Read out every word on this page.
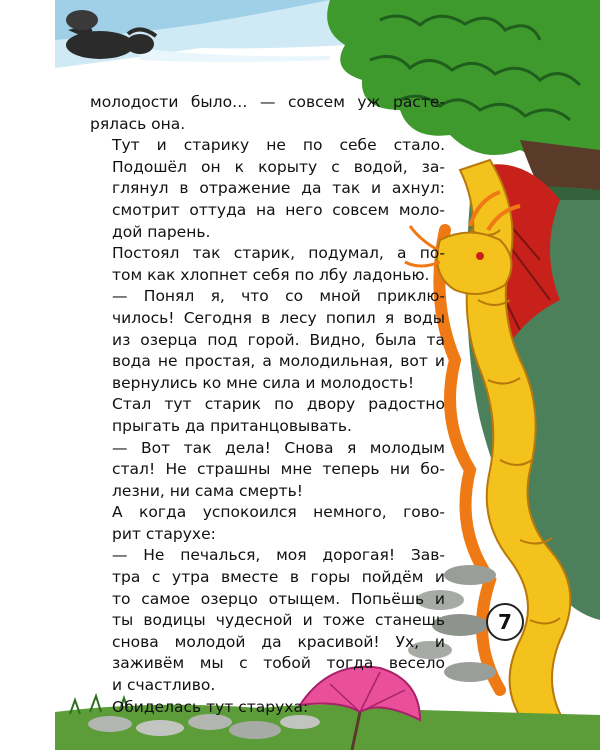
молодости было… — совсем уж расте-
рялась она.

Тут и старику не по себе стало.
Подошёл он к корыту с водой, за-
глянул в отражение да так и ахнул:
смотрит оттуда на него совсем моло-
дой парень.

Постоял так старик, подумал, а по-
том как хлопнет себя по лбу ладонью.

— Понял я, что со мной приклю-
чилось! Сегодня в лесу попил я воды
из озерца под горой. Видно, была та
вода не простая, а молодильная, вот и
вернулись ко мне сила и молодость!

Стал тут старик по двору радостно
прыгать да пританцовывать.

— Вот так дела! Снова я молодым
стал! Не страшны мне теперь ни бо-
лезни, ни сама смерть!

А когда успокоился немного, гово-
рит старухе:

— Не печалься, моя дорогая! Зав-
тра с утра вместе в горы пойдём и
то самое озерцо отыщем. Попьёшь и
ты водицы чудесной и тоже станешь
снова молодой да красивой! Ух, и
заживём мы с тобой тогда весело
и счастливо.

Обиделась тут старуха:

7
